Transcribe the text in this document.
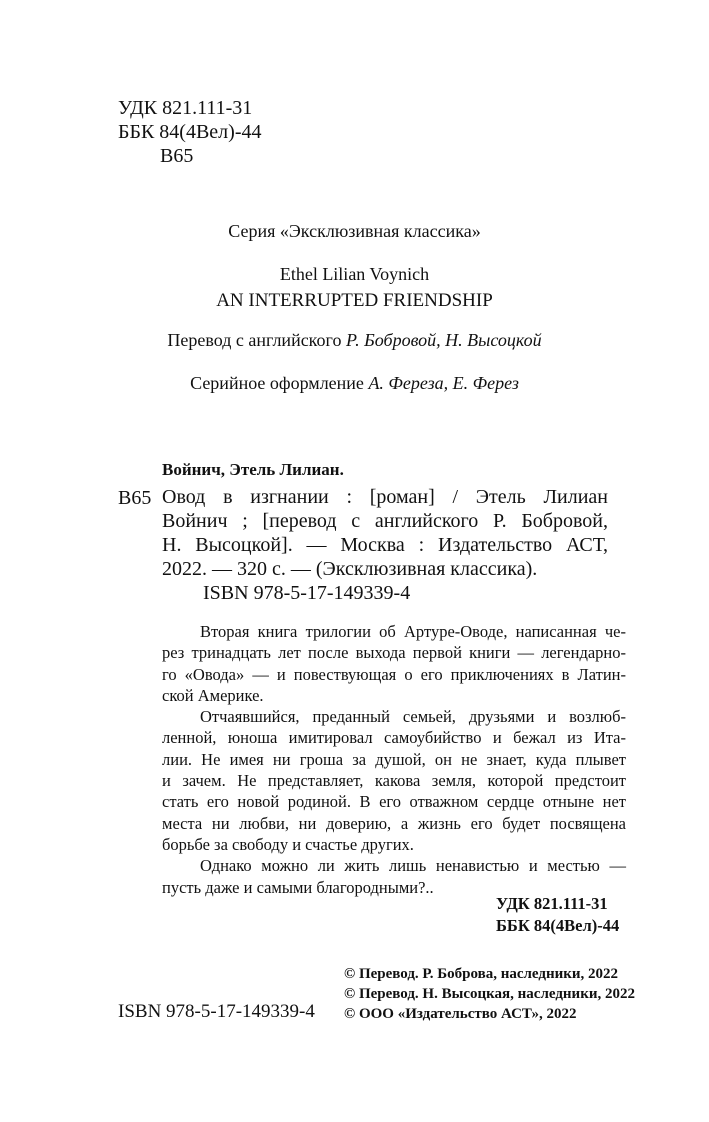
УДК 821.111-31
ББК 84(4Вел)-44
В65
Серия «Эксклюзивная классика»
Ethel Lilian Voynich
AN INTERRUPTED FRIENDSHIP
Перевод с английского Р. Бобровой, Н. Высоцкой
Серийное оформление А. Фереза, Е. Ферез
Войнич, Этель Лилиан.
В65 Овод в изгнании : [роман] / Этель Лилиан
Войнич ; [перевод с английского Р. Бобровой,
Н. Высоцкой]. — Москва : Издательство АСТ,
2022. — 320 с. — (Эксклюзивная классика).
ISBN 978-5-17-149339-4

Вторая книга трилогии об Артуре-Оводе, написанная че-
рез тринадцать лет после выхода первой книги — легендарно-
го «Овода» — и повествующая о его приключениях в Латин-
ской Америке.

Отчаявшийся, преданный семьей, друзьями и возлюб-
ленной, юноша имитировал самоубийство и бежал из Ита-
лии. Не имея ни гроша за душой, он не знает, куда плывет
и зачем. Не представляет, какова земля, которой предстоит
стать его новой родиной. В его отважном сердце отныне нет
места ни любви, ни доверию, а жизнь его будет посвящена
борьбе за свободу и счастье других.

Однако можно ли жить лишь ненавистью и местью —
пусть даже и самыми благородными?..

УДК 821.111-31
ББК 84(4Вел)-44
© Перевод. Р. Боброва, наследники, 2022
© Перевод. Н. Высоцкая, наследники, 2022
© ООО «Издательство АСТ», 2022
ISBN 978-5-17-149339-4
